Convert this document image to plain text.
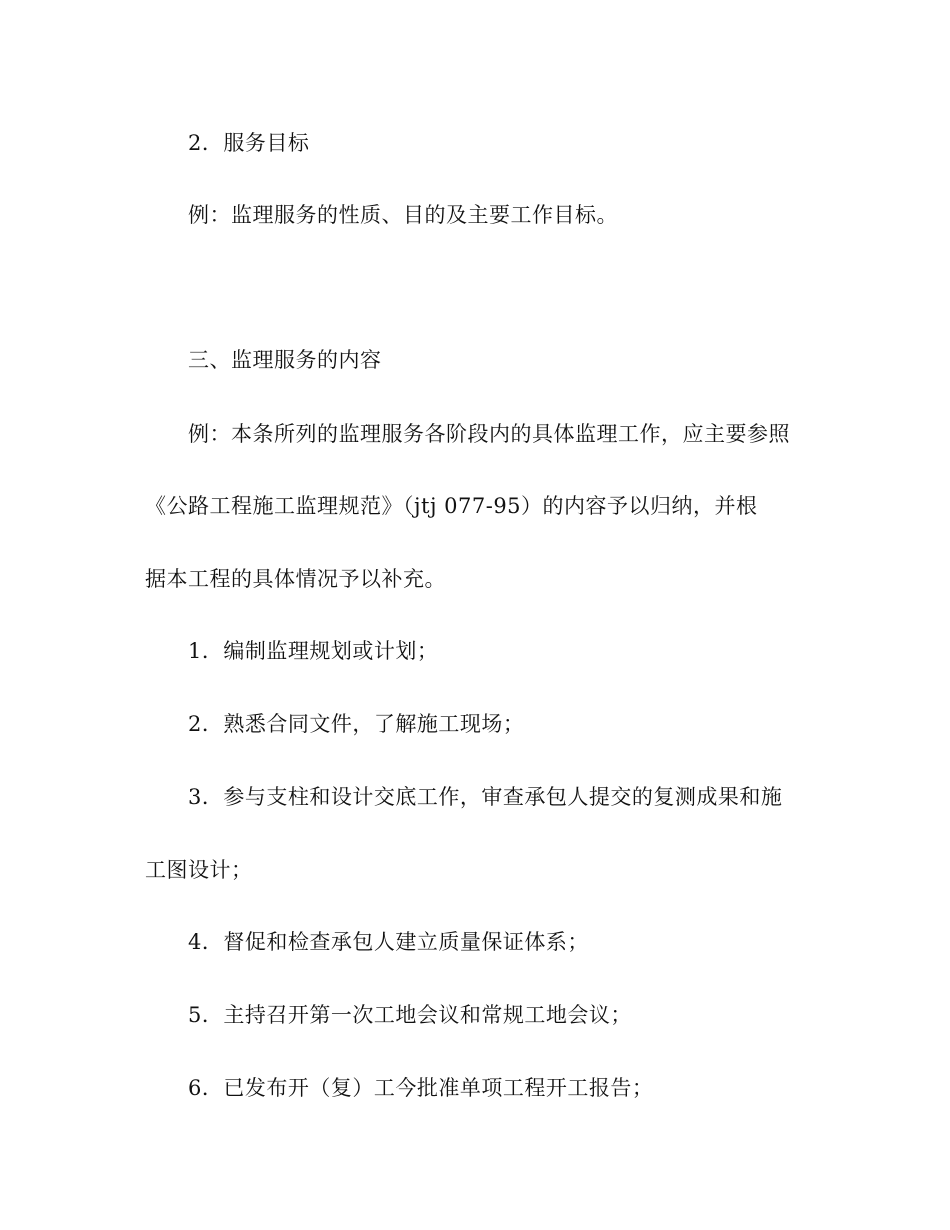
2．服务目标
例：监理服务的性质、目的及主要工作目标。
三、监理服务的内容
例：本条所列的监理服务各阶段内的具体监理工作，应主要参照
《公路工程施工监理规范》（jtj 077-95）的内容予以归纳，并根
据本工程的具体情况予以补充。
1．编制监理规划或计划；
2．熟悉合同文件，了解施工现场；
3．参与支柱和设计交底工作，审查承包人提交的复测成果和施
工图设计；
4．督促和检查承包人建立质量保证体系；
5．主持召开第一次工地会议和常规工地会议；
6．已发布开（复）工今批准单项工程开工报告；
